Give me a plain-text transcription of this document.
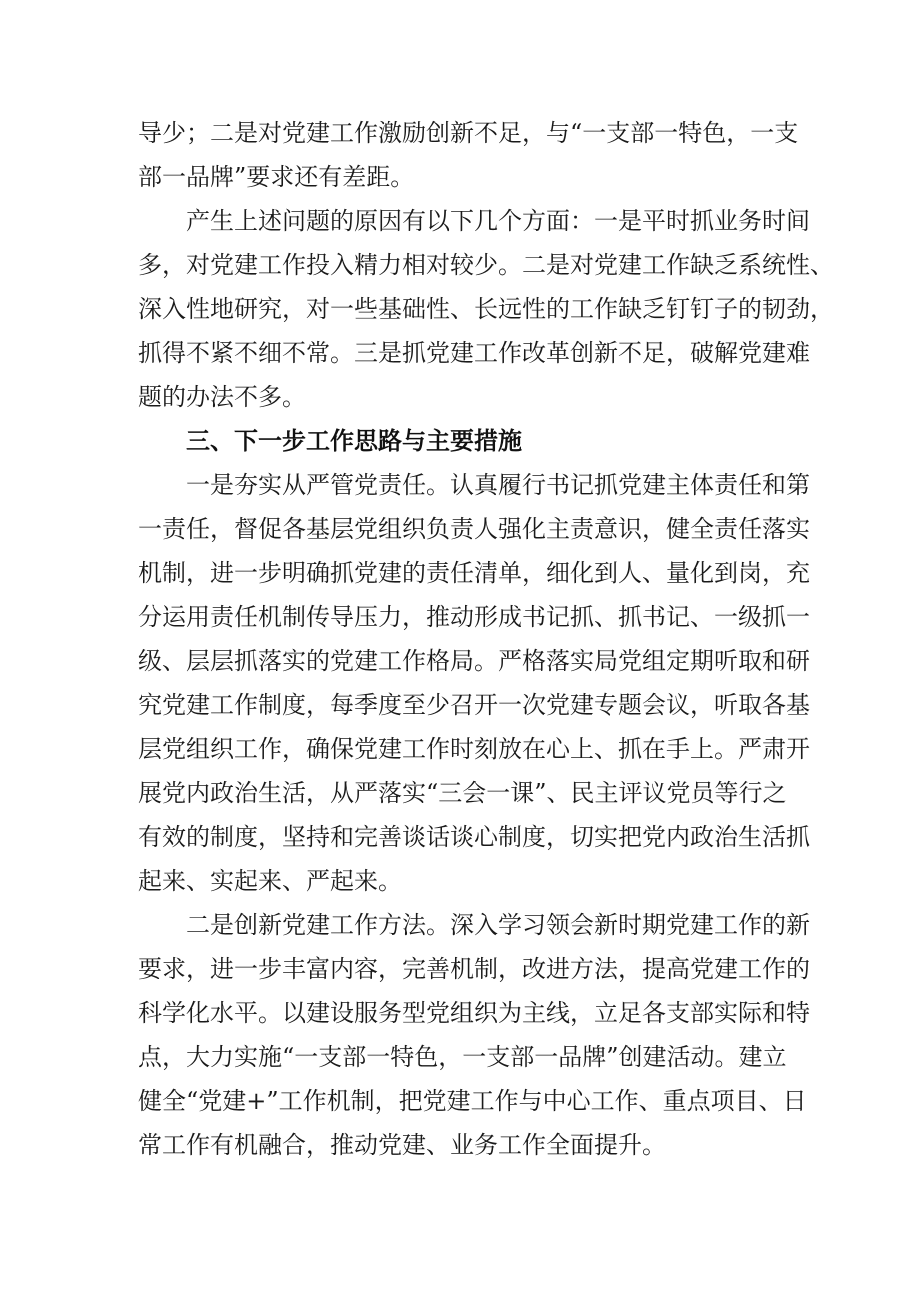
导少；二是对党建工作激励创新不足，与“一支部一特色，一支
部一品牌”要求还有差距。
产生上述问题的原因有以下几个方面：一是平时抓业务时间
多，对党建工作投入精力相对较少。二是对党建工作缺乏系统性、
深入性地研究，对一些基础性、长远性的工作缺乏钉钉子的韧劲，
抓得不紧不细不常。三是抓党建工作改革创新不足，破解党建难
题的办法不多。
三、下一步工作思路与主要措施
一是夯实从严管党责任。认真履行书记抓党建主体责任和第
一责任，督促各基层党组织负责人强化主责意识，健全责任落实
机制，进一步明确抓党建的责任清单，细化到人、量化到岗，充
分运用责任机制传导压力，推动形成书记抓、抓书记、一级抓一
级、层层抓落实的党建工作格局。严格落实局党组定期听取和研
究党建工作制度，每季度至少召开一次党建专题会议，听取各基
层党组织工作，确保党建工作时刻放在心上、抓在手上。严肃开
展党内政治生活，从严落实“三会一课”、民主评议党员等行之
有效的制度，坚持和完善谈话谈心制度，切实把党内政治生活抓
起来、实起来、严起来。
二是创新党建工作方法。深入学习领会新时期党建工作的新
要求，进一步丰富内容，完善机制，改进方法，提高党建工作的
科学化水平。以建设服务型党组织为主线，立足各支部实际和特
点，大力实施“一支部一特色，一支部一品牌”创建活动。建立
健全“党建+”工作机制，把党建工作与中心工作、重点项目、日
常工作有机融合，推动党建、业务工作全面提升。
